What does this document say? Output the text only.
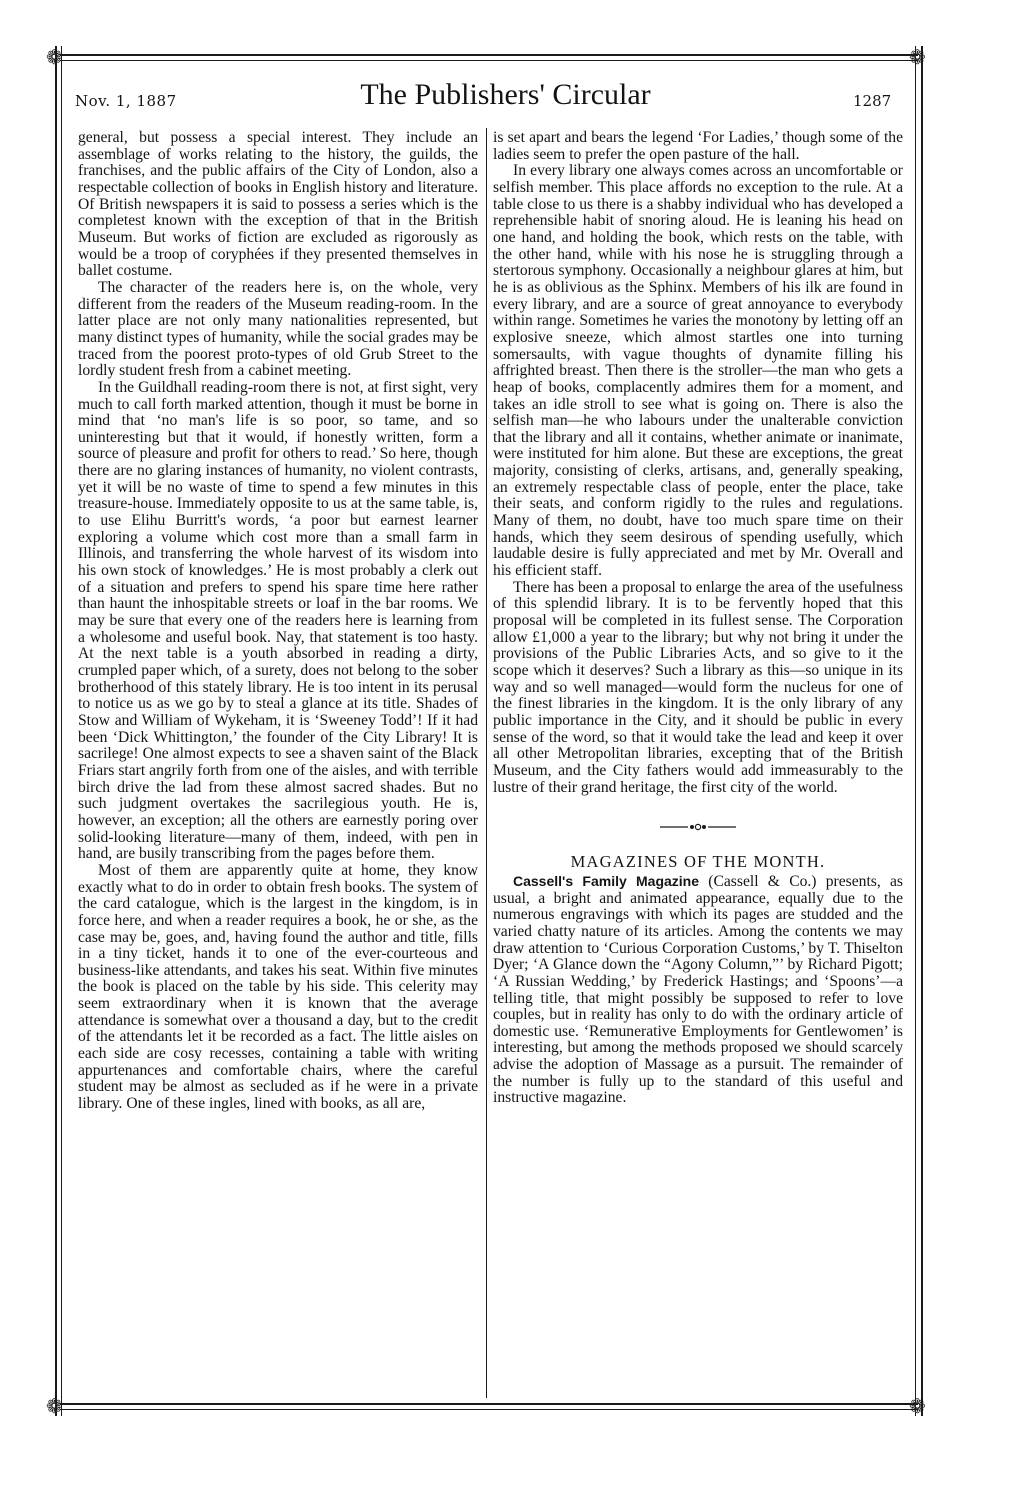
❁	❁
❁	❁
Nov. 1, 1887	The Publishers' Circular	1287

general, but possess a special interest. They include an assemblage of works relating to the history, the guilds, the franchises, and the public affairs of the City of London, also a respectable collection of books in English history and literature. Of British newspapers it is said to possess a series which is the completest known with the exception of that in the British Museum. But works of fiction are excluded as rigorously as would be a troop of coryphées if they presented themselves in ballet costume.

The character of the readers here is, on the whole, very different from the readers of the Museum reading-room. In the latter place are not only many nationalities represented, but many distinct types of humanity, while the social grades may be traced from the poorest proto-types of old Grub Street to the lordly student fresh from a cabinet meeting.

In the Guildhall reading-room there is not, at first sight, very much to call forth marked attention, though it must be borne in mind that ‘no man's life is so poor, so tame, and so uninteresting but that it would, if honestly written, form a source of pleasure and profit for others to read.’ So here, though there are no glaring instances of humanity, no violent contrasts, yet it will be no waste of time to spend a few minutes in this treasure-house. Immediately opposite to us at the same table, is, to use Elihu Burritt's words, ‘a poor but earnest learner exploring a volume which cost more than a small farm in Illinois, and transferring the whole harvest of its wisdom into his own stock of knowledges.’ He is most probably a clerk out of a situation and prefers to spend his spare time here rather than haunt the inhospitable streets or loaf in the bar rooms. We may be sure that every one of the readers here is learning from a wholesome and useful book. Nay, that statement is too hasty. At the next table is a youth absorbed in reading a dirty, crumpled paper which, of a surety, does not belong to the sober brotherhood of this stately library. He is too intent in its perusal to notice us as we go by to steal a glance at its title. Shades of Stow and William of Wykeham, it is ‘Sweeney Todd’! If it had been ‘Dick Whittington,’ the founder of the City Library! It is sacrilege! One almost expects to see a shaven saint of the Black Friars start angrily forth from one of the aisles, and with terrible birch drive the lad from these almost sacred shades. But no such judgment overtakes the sacrilegious youth. He is, however, an exception; all the others are earnestly poring over solid-looking literature—many of them, indeed, with pen in hand, are busily transcribing from the pages before them.

Most of them are apparently quite at home, they know exactly what to do in order to obtain fresh books. The system of the card catalogue, which is the largest in the kingdom, is in force here, and when a reader requires a book, he or she, as the case may be, goes, and, having found the author and title, fills in a tiny ticket, hands it to one of the ever-courteous and business-like attendants, and takes his seat. Within five minutes the book is placed on the table by his side. This celerity may seem extraordinary when it is known that the average attendance is somewhat over a thousand a day, but to the credit of the attendants let it be recorded as a fact. The little aisles on each side are cosy recesses, containing a table with writing appurtenances and comfortable chairs, where the careful student may be almost as secluded as if he were in a private library. One of these ingles, lined with books, as all are,

is set apart and bears the legend ‘For Ladies,’ though some of the ladies seem to prefer the open pasture of the hall.

In every library one always comes across an uncomfortable or selfish member. This place affords no exception to the rule. At a table close to us there is a shabby individual who has developed a reprehensible habit of snoring aloud. He is leaning his head on one hand, and holding the book, which rests on the table, with the other hand, while with his nose he is struggling through a stertorous symphony. Occasionally a neighbour glares at him, but he is as oblivious as the Sphinx. Members of his ilk are found in every library, and are a source of great annoyance to everybody within range. Sometimes he varies the monotony by letting off an explosive sneeze, which almost startles one into turning somersaults, with vague thoughts of dynamite filling his affrighted breast. Then there is the stroller—the man who gets a heap of books, complacently admires them for a moment, and takes an idle stroll to see what is going on. There is also the selfish man—he who labours under the unalterable conviction that the library and all it contains, whether animate or inanimate, were instituted for him alone. But these are exceptions, the great majority, consisting of clerks, artisans, and, generally speaking, an extremely respectable class of people, enter the place, take their seats, and conform rigidly to the rules and regulations. Many of them, no doubt, have too much spare time on their hands, which they seem desirous of spending usefully, which laudable desire is fully appreciated and met by Mr. Overall and his efficient staff.

There has been a proposal to enlarge the area of the usefulness of this splendid library. It is to be fervently hoped that this proposal will be completed in its fullest sense. The Corporation allow £1,000 a year to the library; but why not bring it under the provisions of the Public Libraries Acts, and so give to it the scope which it deserves? Such a library as this—so unique in its way and so well managed—would form the nucleus for one of the finest libraries in the kingdom. It is the only library of any public importance in the City, and it should be public in every sense of the word, so that it would take the lead and keep it over all other Metropolitan libraries, excepting that of the British Museum, and the City fathers would add immeasurably to the lustre of their grand heritage, the first city of the world.

MAGAZINES OF THE MONTH.

Cassell's Family Magazine (Cassell & Co.) presents, as usual, a bright and animated appearance, equally due to the numerous engravings with which its pages are studded and the varied chatty nature of its articles. Among the contents we may draw attention to ‘Curious Corporation Customs,’ by T. Thiselton Dyer; ‘A Glance down the “Agony Column,”’ by Richard Pigott; ‘A Russian Wedding,’ by Frederick Hastings; and ‘Spoons’—a telling title, that might possibly be supposed to refer to love couples, but in reality has only to do with the ordinary article of domestic use. ‘Remunerative Employments for Gentlewomen’ is interesting, but among the methods proposed we should scarcely advise the adoption of Massage as a pursuit. The remainder of the number is fully up to the standard of this useful and instructive magazine.
